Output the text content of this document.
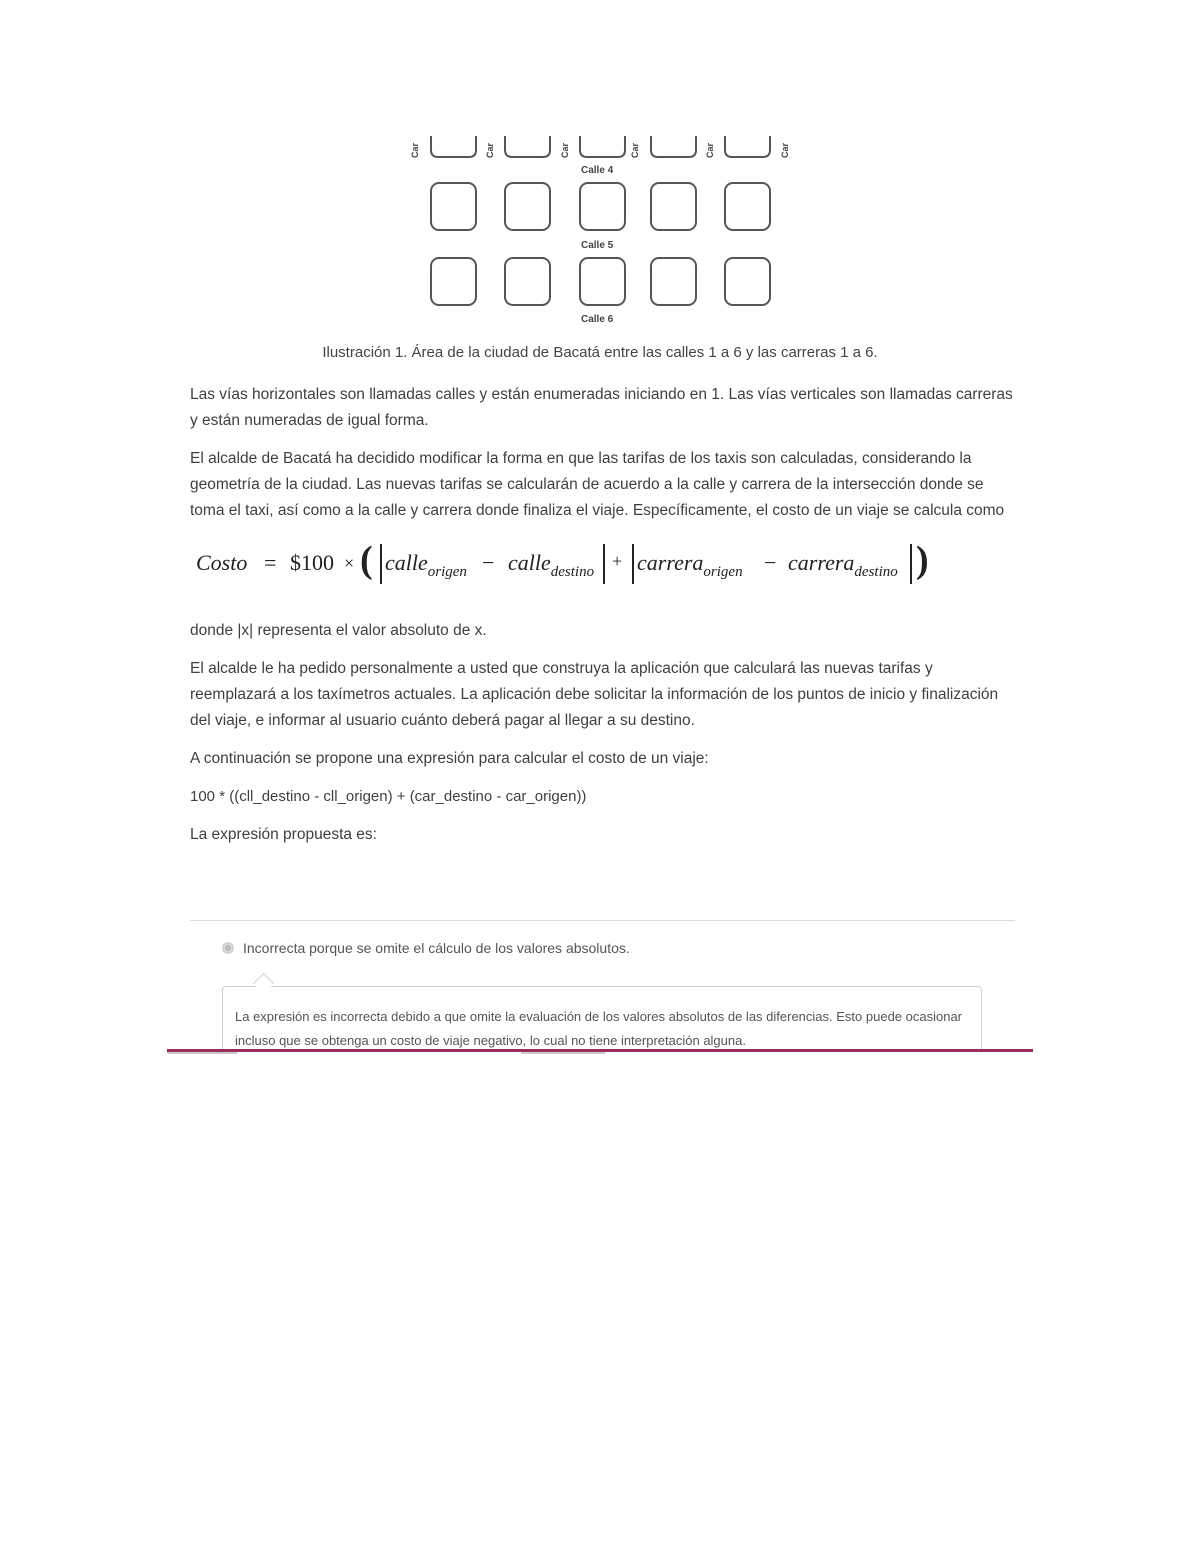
Car	Car	Car	Car	Car	Car
Calle 4
Calle 5
Calle 6

Ilustración 1. Área de la ciudad de Bacatá entre las calles 1 a 6 y las carreras 1 a 6.

Las vías horizontales son llamadas calles y están enumeradas iniciando en 1. Las vías verticales son llamadas carreras y están numeradas de igual forma.

El alcalde de Bacatá ha decidido modificar la forma en que las tarifas de los taxis son calculadas, considerando la geometría de la ciudad. Las nuevas tarifas se calcularán de acuerdo a la calle y carrera de la intersección donde se toma el taxi, así como a la calle y carrera donde finaliza el viaje. Específicamente, el costo de un viaje se calcula como

Costo = $100 × ( calle$_{origen}$ − calle$_{destino}$
+ carrera$_{origen}$ − carrera$_{destino}$ )

donde |x| representa el valor absoluto de x.

El alcalde le ha pedido personalmente a usted que construya la aplicación que calculará las nuevas tarifas y reemplazará a los taxímetros actuales. La aplicación debe solicitar la información de los puntos de inicio y finalización del viaje, e informar al usuario cuánto deberá pagar al llegar a su destino.

A continuación se propone una expresión para calcular el costo de un viaje:

100 * ((cll_destino - cll_origen) + (car_destino - car_origen))

La expresión propuesta es:

Incorrecta porque se omite el cálculo de los valores absolutos.
La expresión es incorrecta debido a que omite la evaluación de los valores absolutos de las diferencias. Esto puede ocasionar incluso que se obtenga un costo de viaje negativo, lo cual no tiene interpretación alguna.
